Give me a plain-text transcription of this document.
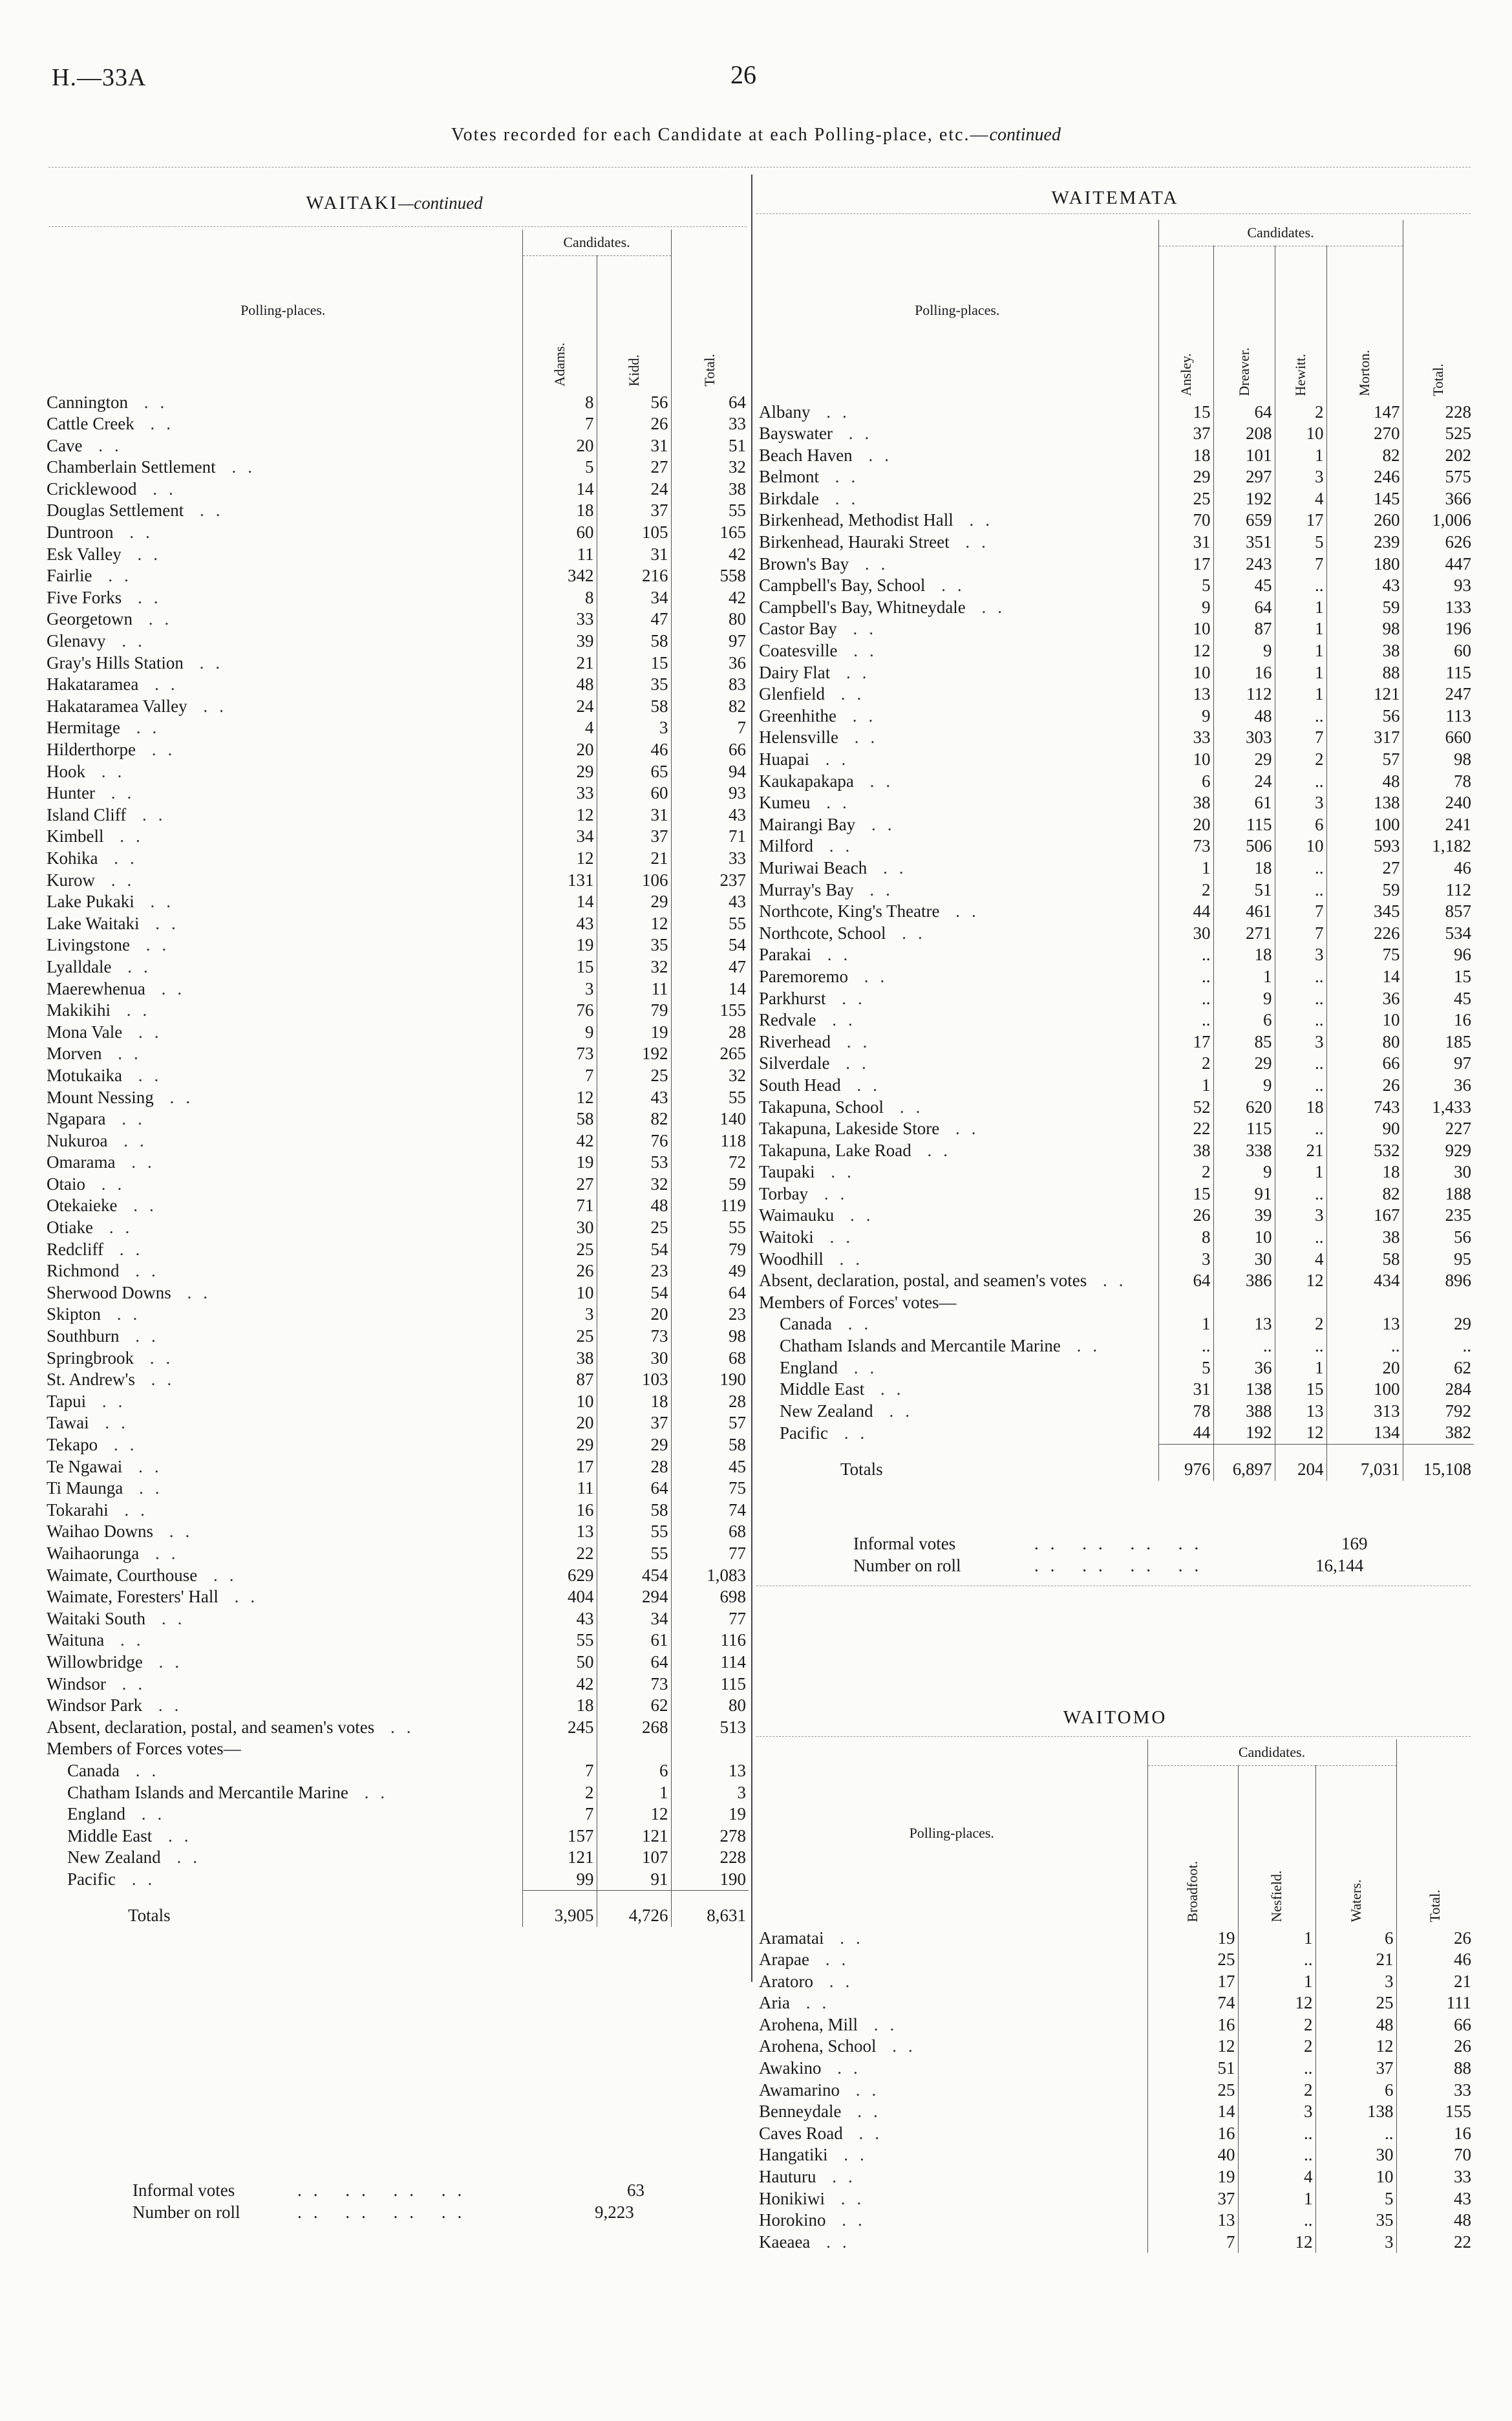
H.—33A	26
Votes recorded for each Candidate at each Polling-place, etc.—continued
WAITAKI—continued
Polling-places.	Candidates.		Total.

	Adams.	Kidd.	

Cannington ..	8	56	64
Cattle Creek ..	7	26	33
Cave ..	20	31	51
Chamberlain Settlement ..	5	27	32
Cricklewood ..	14	24	38
Douglas Settlement ..	18	37	55
Duntroon ..	60	105	165
Esk Valley ..	11	31	42
Fairlie ..	342	216	558
Five Forks ..	8	34	42
Georgetown ..	33	47	80
Glenavy ..	39	58	97
Gray's Hills Station ..	21	15	36
Hakataramea ..	48	35	83
Hakataramea Valley ..	24	58	82
Hermitage ..	4	3	7
Hilderthorpe ..	20	46	66
Hook ..	29	65	94
Hunter ..	33	60	93
Island Cliff ..	12	31	43
Kimbell ..	34	37	71
Kohika ..	12	21	33
Kurow ..	131	106	237
Lake Pukaki ..	14	29	43
Lake Waitaki ..	43	12	55
Livingstone ..	19	35	54
Lyalldale ..	15	32	47
Maerewhenua ..	3	11	14
Makikihi ..	76	79	155
Mona Vale ..	9	19	28
Morven ..	73	192	265
Motukaika ..	7	25	32
Mount Nessing ..	12	43	55
Ngapara ..	58	82	140
Nukuroa ..	42	76	118
Omarama ..	19	53	72
Otaio ..	27	32	59
Otekaieke ..	71	48	119
Otiake ..	30	25	55
Redcliff ..	25	54	79
Richmond ..	26	23	49
Sherwood Downs ..	10	54	64
Skipton ..	3	20	23
Southburn ..	25	73	98
Springbrook ..	38	30	68
St. Andrew's ..	87	103	190
Tapui ..	10	18	28
Tawai ..	20	37	57
Tekapo ..	29	29	58
Te Ngawai ..	17	28	45
Ti Maunga ..	11	64	75
Tokarahi ..	16	58	74
Waihao Downs ..	13	55	68
Waihaorunga ..	22	55	77
Waimate, Courthouse ..	629	454	1,083
Waimate, Foresters' Hall ..	404	294	698
Waitaki South ..	43	34	77
Waituna ..	55	61	116
Willowbridge ..	50	64	114
Windsor ..	42	73	115
Windsor Park ..	18	62	80
Absent, declaration, postal, and seamen's votes ..	245	268	513
Members of Forces votes—			
Canada ..	7	6	13
Chatham Islands and Mercantile Marine ..	2	1	3
England ..	7	12	19
Middle East ..	157	121	278
New Zealand ..	121	107	228
Pacific ..	99	91	190
Totals	3,905	4,726	8,631
Informal votes	.. .. .. ..	63
Number on roll	.. .. .. ..	9,223
WAITEMATA
Polling-places.	Candidates.				Total.

	Ansley.	Dreaver.	Hewitt.	Morton.	

Albany ..	15	64	2	147	228
Bayswater ..	37	208	10	270	525
Beach Haven ..	18	101	1	82	202
Belmont ..	29	297	3	246	575
Birkdale ..	25	192	4	145	366
Birkenhead, Methodist Hall ..	70	659	17	260	1,006
Birkenhead, Hauraki Street ..	31	351	5	239	626
Brown's Bay ..	17	243	7	180	447
Campbell's Bay, School ..	5	45	..	43	93
Campbell's Bay, Whitneydale ..	9	64	1	59	133
Castor Bay ..	10	87	1	98	196
Coatesville ..	12	9	1	38	60
Dairy Flat ..	10	16	1	88	115
Glenfield ..	13	112	1	121	247
Greenhithe ..	9	48	..	56	113
Helensville ..	33	303	7	317	660
Huapai ..	10	29	2	57	98
Kaukapakapa ..	6	24	..	48	78
Kumeu ..	38	61	3	138	240
Mairangi Bay ..	20	115	6	100	241
Milford ..	73	506	10	593	1,182
Muriwai Beach ..	1	18	..	27	46
Murray's Bay ..	2	51	..	59	112
Northcote, King's Theatre ..	44	461	7	345	857
Northcote, School ..	30	271	7	226	534
Parakai ..	..	18	3	75	96
Paremoremo ..	..	1	..	14	15
Parkhurst ..	..	9	..	36	45
Redvale ..	..	6	..	10	16
Riverhead ..	17	85	3	80	185
Silverdale ..	2	29	..	66	97
South Head ..	1	9	..	26	36
Takapuna, School ..	52	620	18	743	1,433
Takapuna, Lakeside Store ..	22	115	..	90	227
Takapuna, Lake Road ..	38	338	21	532	929
Taupaki ..	2	9	1	18	30
Torbay ..	15	91	..	82	188
Waimauku ..	26	39	3	167	235
Waitoki ..	8	10	..	38	56
Woodhill ..	3	30	4	58	95
Absent, declaration, postal, and seamen's votes ..	64	386	12	434	896
Members of Forces' votes—					
Canada ..	1	13	2	13	29
Chatham Islands and Mercantile Marine ..	..	..	..	..	..
England ..	5	36	1	20	62
Middle East ..	31	138	15	100	284
New Zealand ..	78	388	13	313	792
Pacific ..	44	192	12	134	382
Totals	976	6,897	204	7,031	15,108
Informal votes	.. .. .. ..	169
Number on roll	.. .. .. ..	16,144
WAITOMO
Polling-places.	Candidates.			Total.

	Broadfoot.	Nesfield.	Waters.	

Aramatai ..	19	1	6	26
Arapae ..	25	..	21	46
Aratoro ..	17	1	3	21
Aria ..	74	12	25	111
Arohena, Mill ..	16	2	48	66
Arohena, School ..	12	2	12	26
Awakino ..	51	..	37	88
Awamarino ..	25	2	6	33
Benneydale ..	14	3	138	155
Caves Road ..	16	..	..	16
Hangatiki ..	40	..	30	70
Hauturu ..	19	4	10	33
Honikiwi ..	37	1	5	43
Horokino ..	13	..	35	48
Kaeaea ..	7	12	3	22
